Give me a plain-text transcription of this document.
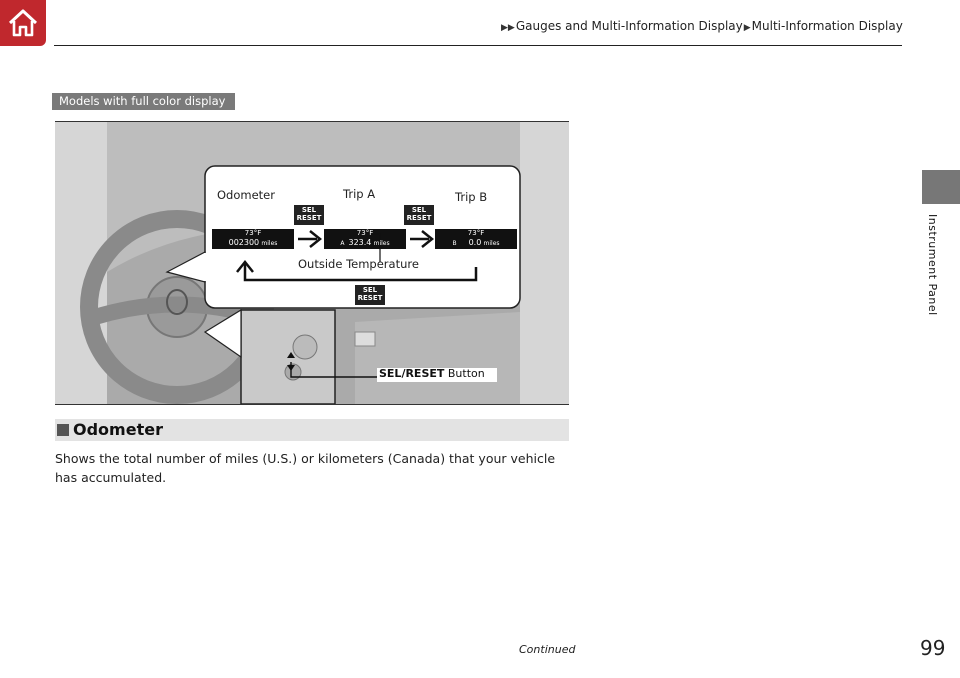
▶▶Gauges and Multi-Information Display▶Multi-Information Display
Instrument Panel
Models with full color display
Odometer	Trip A	Trip B
Outside Temperature
SEL
RESET
SEL
RESET
SEL
RESET
73°F
002300 miles
73°F
A 323.4 miles
73°F
B 0.0 miles
SEL/RESET Button
Odometer
Shows the total number of miles (U.S.) or kilometers (Canada) that your vehicle has accumulated.
Continued	99
